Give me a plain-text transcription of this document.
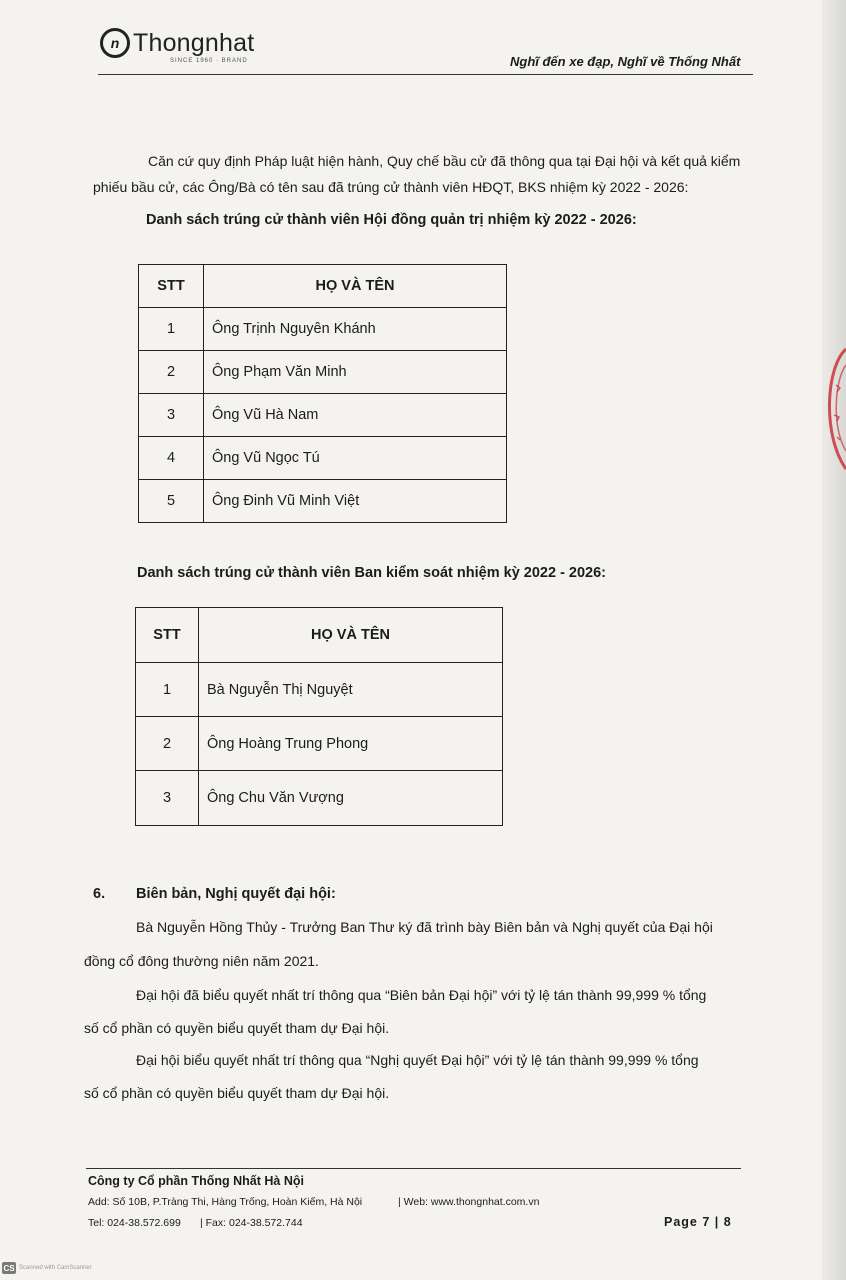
n Thongnhat
SINCE 1960 · BRAND	Nghĩ đến xe đạp, Nghĩ về Thống Nhất
Căn cứ quy định Pháp luật hiện hành, Quy chế bầu cử đã thông qua tại Đại hội và kết quả kiểm
phiếu bầu cử, các Ông/Bà có tên sau đã trúng cử thành viên HĐQT, BKS nhiệm kỳ 2022 - 2026:
Danh sách trúng cử thành viên Hội đồng quản trị nhiệm kỳ 2022 - 2026:
STT	HỌ VÀ TÊN
1	Ông Trịnh Nguyên Khánh
2	Ông Phạm Văn Minh
3	Ông Vũ Hà Nam
4	Ông Vũ Ngọc Tú
5	Ông Đinh Vũ Minh Việt
Danh sách trúng cử thành viên Ban kiểm soát nhiệm kỳ 2022 - 2026:
STT	HỌ VÀ TÊN
1	Bà Nguyễn Thị Nguyệt
2	Ông Hoàng Trung Phong
3	Ông Chu Văn Vượng
6. Biên bản, Nghị quyết đại hội:
Bà Nguyễn Hồng Thủy - Trưởng Ban Thư ký đã trình bày Biên bản và Nghị quyết của Đại hội
đồng cổ đông thường niên năm 2021.
Đại hội đã biểu quyết nhất trí thông qua “Biên bản Đại hội” với tỷ lệ tán thành 99,999 % tổng
số cổ phần có quyền biểu quyết tham dự Đại hội.
Đại hội biểu quyết nhất trí thông qua “Nghị quyết Đại hội” với tỷ lệ tán thành 99,999 % tổng
số cổ phần có quyền biểu quyết tham dự Đại hội.
Công ty Cổ phần Thống Nhất Hà Nội
Add: Số 10B, P.Tràng Thi, Hàng Trống, Hoàn Kiếm, Hà Nội	| Web: www.thongnhat.com.vn
Tel: 024-38.572.699 | Fax: 024-38.572.744	Page 7 | 8
CS Scanned with CamScanner
